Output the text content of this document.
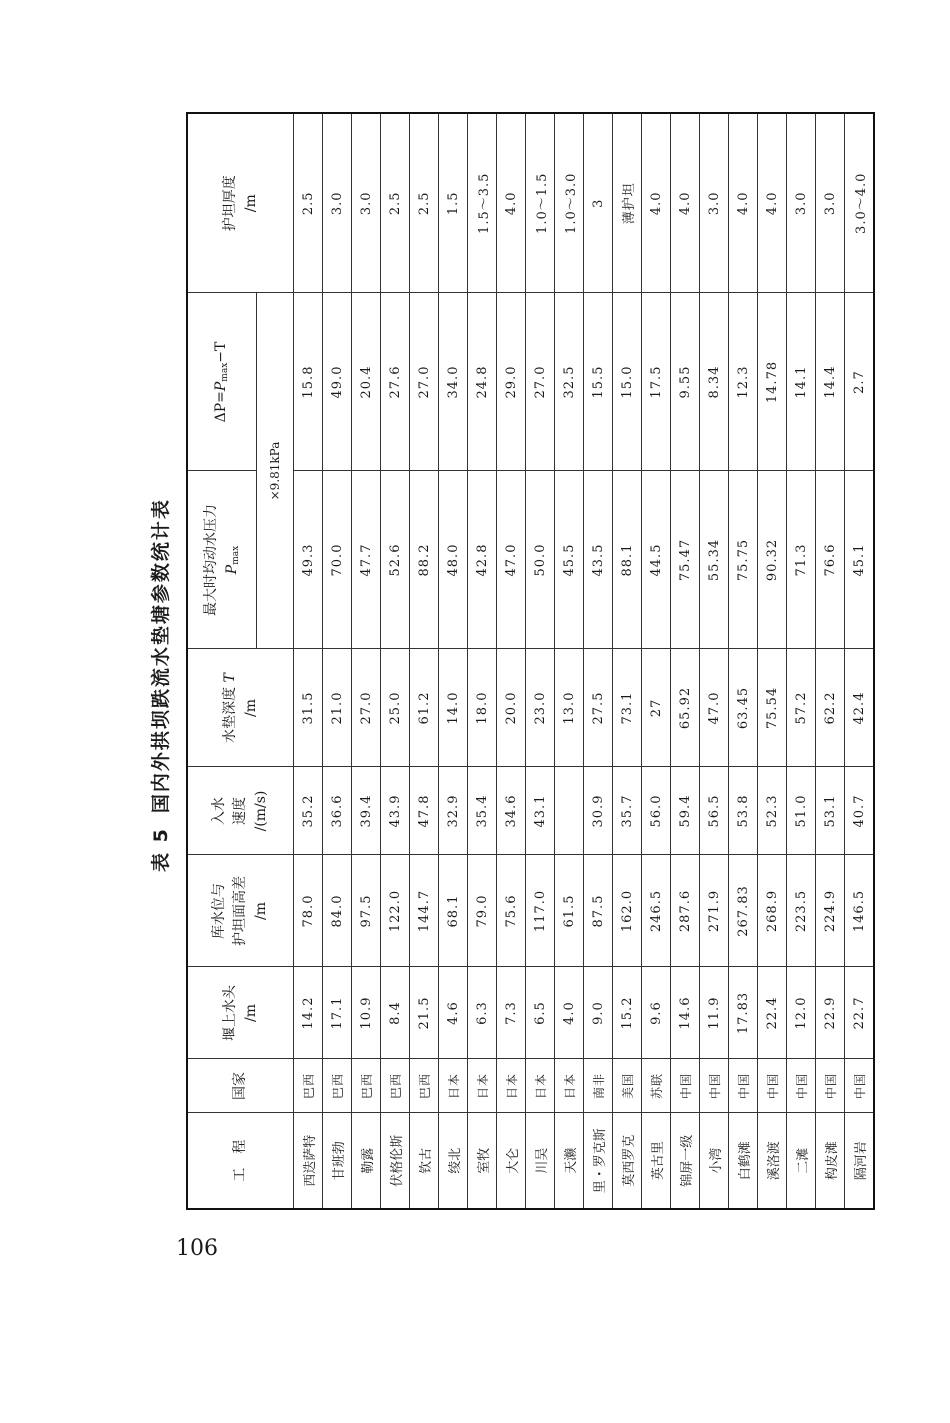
106
表 5
国内外拱坝跌流水垫塘参数统计表
工　程	国家	堰上水头 /m	库水位与 护坦面高差 /m	入水 速度 /(m/s)	水垫深度 T
/m	最大时均动水压力 $P_{max}$	$\Delta P=P_{max}-T$	护坦厚度 /m
						×9.81kPa		
西迭萨特	巴西	14.2	78.0	35.2	31.5	49.3	15.8	2.5
甘班勃	巴西	17.1	84.0	36.6	21.0	70.0	49.0	3.0
勒露	巴西	10.9	97.5	39.4	27.0	47.7	20.4	3.0
伏格伦斯	巴西	8.4	122.0	43.9	25.0	52.6	27.6	2.5
钦古	巴西	21.5	144.7	47.8	61.2	88.2	27.0	2.5
绫北	日本	4.6	68.1	32.9	14.0	48.0	34.0	1.5
室牧	日本	6.3	79.0	35.4	18.0	42.8	24.8	1.5～3.5
大仑	日本	7.3	75.6	34.6	20.0	47.0	29.0	4.0
川吴	日本	6.5	117.0	43.1	23.0	50.0	27.0	1.0～1.5
天濑	日本	4.0	61.5		13.0	45.5	32.5	1.0～3.0
里・罗克斯	南非	9.0	87.5	30.9	27.5	43.5	15.5	3
莫西罗克	美国	15.2	162.0	35.7	73.1	88.1	15.0	薄护坦
英古里	苏联	9.6	246.5	56.0	27	44.5	17.5	4.0
锦屏一级	中国	14.6	287.6	59.4	65.92	75.47	9.55	4.0
小湾	中国	11.9	271.9	56.5	47.0	55.34	8.34	3.0
白鹤滩	中国	17.83	267.83	53.8	63.45	75.75	12.3	4.0
溪洛渡	中国	22.4	268.9	52.3	75.54	90.32	14.78	4.0
二滩	中国	12.0	223.5	51.0	57.2	71.3	14.1	3.0
构皮滩	中国	22.9	224.9	53.1	62.2	76.6	14.4	3.0
隔河岩	中国	22.7	146.5	40.7	42.4	45.1	2.7	3.0～4.0
